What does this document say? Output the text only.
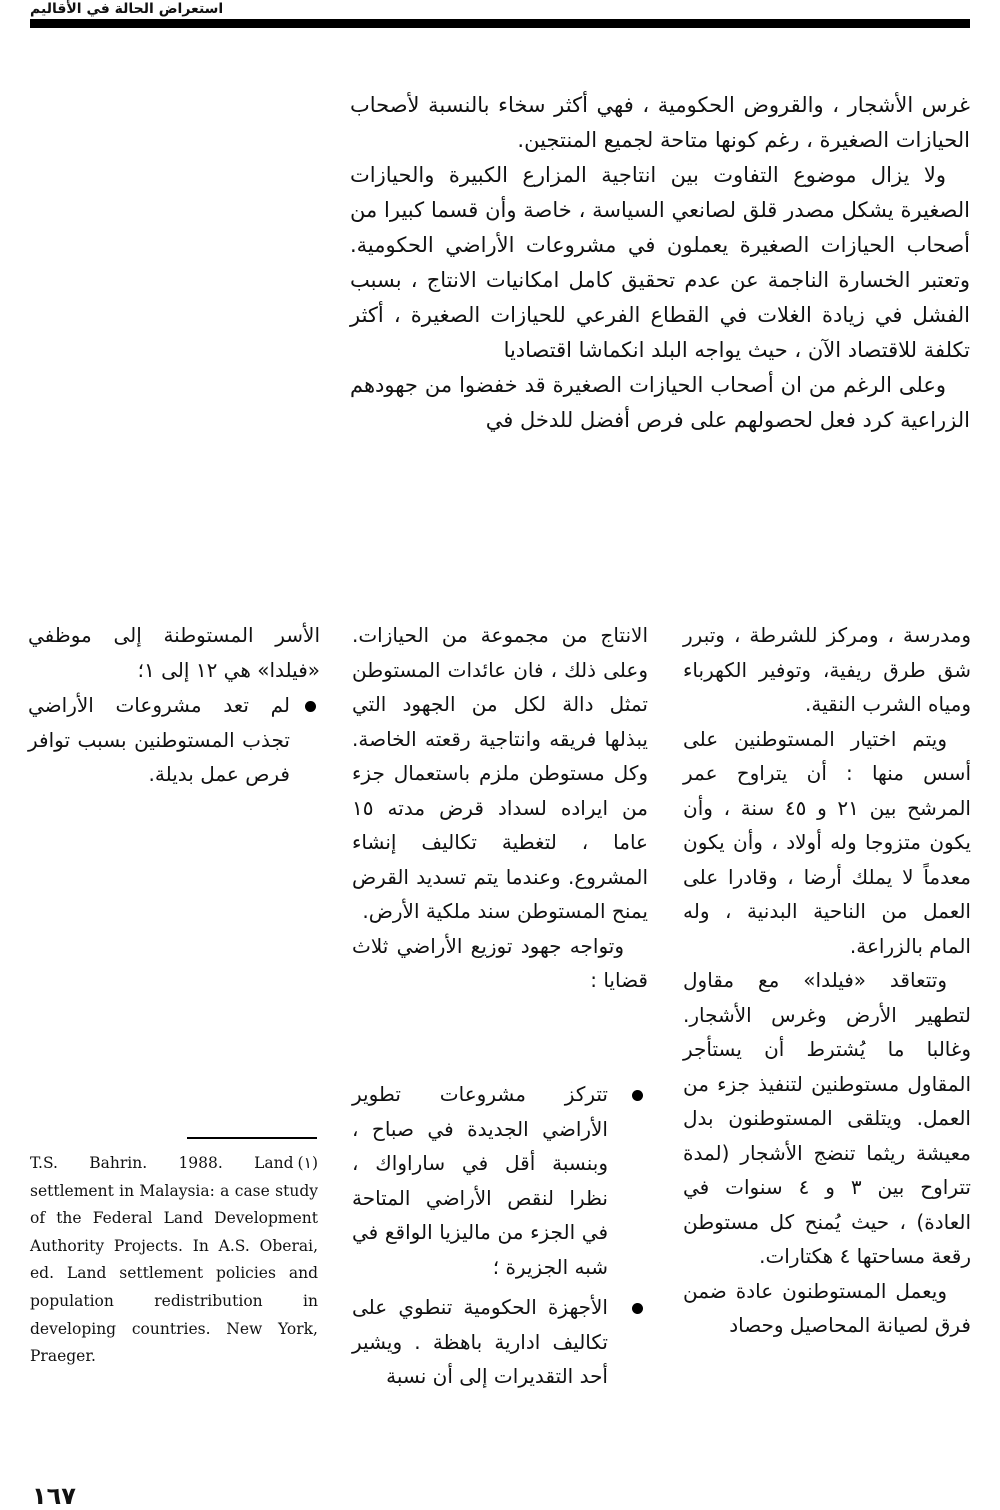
استعراض الحالة في الأقاليم

غرس الأشجار ، والقروض الحكومية ، فهي أكثر سخاء بالنسبة لأصحاب الحيازات الصغيرة ، رغم كونها متاحة لجميع المنتجين.

ولا يزال موضوع التفاوت بين انتاجية المزارع الكبيرة والحيازات الصغيرة يشكل مصدر قلق لصانعي السياسة ، خاصة وأن قسما كبيرا من أصحاب الحيازات الصغيرة يعملون في مشروعات الأراضي الحكومية. وتعتبر الخسارة الناجمة عن عدم تحقيق كامل امكانيات الانتاج ، بسبب الفشل في زيادة الغلات في القطاع الفرعي للحيازات الصغيرة ، أكثر تكلفة للاقتصاد الآن ، حيث يواجه البلد انكماشا اقتصاديا

وعلى الرغم من ان أصحاب الحيازات الصغيرة قد خفضوا من جهودهم الزراعية كرد فعل لحصولهم على فرص أفضل للدخل في

ومدرسة ، ومركز للشرطة ، وتبرر شق طرق ريفية، وتوفير الكهرباء ومياه الشرب النقية.

ويتم اختيار المستوطنين على أسس منها : أن يتراوح عمر المرشح بين ٢١ و ٤٥ سنة ، وأن يكون متزوجا وله أولاد ، وأن يكون معدماً لا يملك أرضا ، وقادرا على العمل من الناحية البدنية ، وله المام بالزراعة.

وتتعاقد «فيلدا» مع مقاول لتطهير الأرض وغرس الأشجار. وغالبا ما يُشترط أن يستأجر المقاول مستوطنين لتنفيذ جزء من العمل. ويتلقى المستوطنون بدل معيشة ريثما تنضج الأشجار (لمدة تتراوح بين ٣ و ٤ سنوات في العادة) ، حيث يُمنح كل مستوطن رقعة مساحتها ٤ هكتارات.

ويعمل المستوطنون عادة ضمن فرق لصيانة المحاصيل وحصاد

الانتاج من مجموعة من الحيازات. وعلى ذلك ، فان عائدات المستوطن تمثل دالة لكل من الجهود التي يبذلها فريقه وانتاجية رقعته الخاصة. وكل مستوطن ملزم باستعمال جزء من ايراده لسداد قرض مدته ١٥ عاما ، لتغطية تكاليف إنشاء المشروع. وعندما يتم تسديد القرض يمنح المستوطن سند ملكية الأرض.

وتواجه جهود توزيع الأراضي ثلاث قضايا :

تتركز مشروعات تطوير الأراضي الجديدة في صباح ، وبنسبة أقل في ساراواك ، نظرا لنقص الأراضي المتاحة في الجزء من ماليزيا الواقع في شبه الجزيرة ؛
الأجهزة الحكومية تنطوي على تكاليف ادارية باهظة . ويشير أحد التقديرات إلى أن نسبة

الأسر المستوطنة إلى موظفي «فيلدا» هي ١٢ إلى ١؛

لم تعد مشروعات الأراضي تجذب المستوطنين بسبب توافر فرص عمل بديلة.
(١)
T.S. Bahrin. 1988. Land settlement in Malaysia: a case study of the Federal Land Development Authority Projects. In A.S. Oberai, ed. Land settlement policies and population redistribution in developing countries. New York, Praeger.
١٦٧
